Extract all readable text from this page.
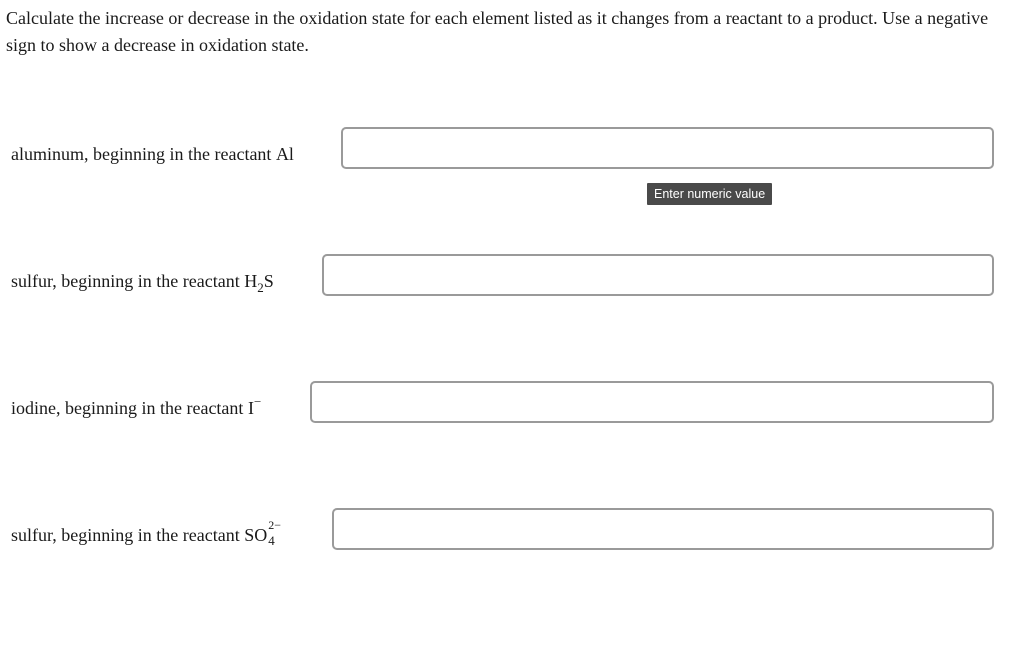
Calculate the increase or decrease in the oxidation state for each element listed as it changes from a reactant to a product. Use a negative sign to show a decrease in oxidation state.

aluminum, beginning in the reactant Al
Enter numeric value
sulfur, beginning in the reactant $H_2S$
iodine, beginning in the reactant I−
sulfur, beginning in the reactant SO 2−
4
